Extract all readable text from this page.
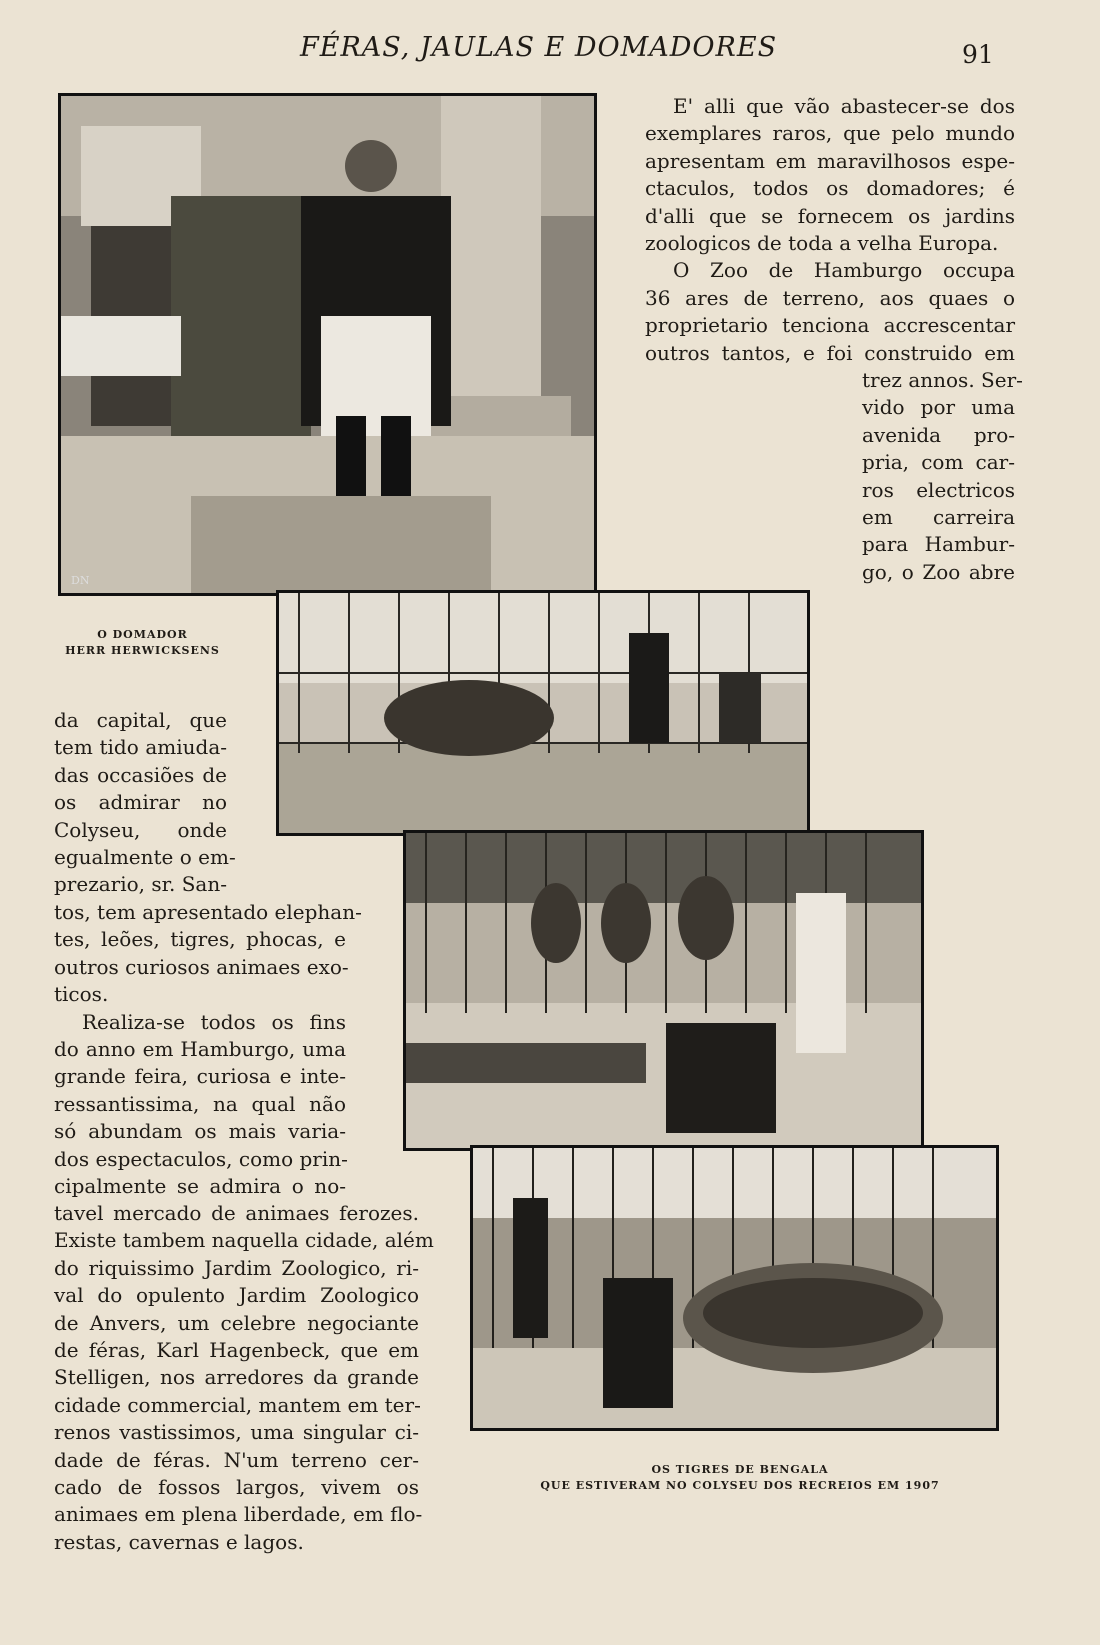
FÉRAS, JAULAS E DOMADORES	91
DN
O DOMADOR
HERR HERWICKSENS
OS TIGRES DE BENGALA
QUE ESTIVERAM NO COLYSEU DOS RECREIOS EM 1907
E' alli que vão abastecer-se dos
exemplares raros, que pelo mundo
apresentam em maravilhosos espe-
ctaculos, todos os domadores; é
d'alli que se fornecem os jardins
zoologicos de toda a velha Europa.
O Zoo de Hamburgo occupa
36 ares de terreno, aos quaes o
proprietario tenciona accrescentar
outros tantos, e foi construido em
trez annos. Ser-
vido por uma
avenida pro-
pria, com car-
ros electricos
em carreira
para Hambur-
go, o Zoo abre
da capital, que
tem tido amiuda-
das occasiões de
os admirar no
Colyseu, onde
egualmente o em-
prezario, sr. San-
tos, tem apresentado elephan-
tes, leões, tigres, phocas, e
outros curiosos animaes exo-
ticos.
Realiza-se todos os fins
do anno em Hamburgo, uma
grande feira, curiosa e inte-
ressantissima, na qual não
só abundam os mais varia-
dos espectaculos, como prin-
cipalmente se admira o no-
tavel mercado de animaes ferozes.
Existe tambem naquella cidade, além
do riquissimo Jardim Zoologico, ri-
val do opulento Jardim Zoologico
de Anvers, um celebre negociante
de féras, Karl Hagenbeck, que em
Stelligen, nos arredores da grande
cidade commercial, mantem em ter-
renos vastissimos, uma singular ci-
dade de féras. N'um terreno cer-
cado de fossos largos, vivem os
animaes em plena liberdade, em flo-
restas, cavernas e lagos.
